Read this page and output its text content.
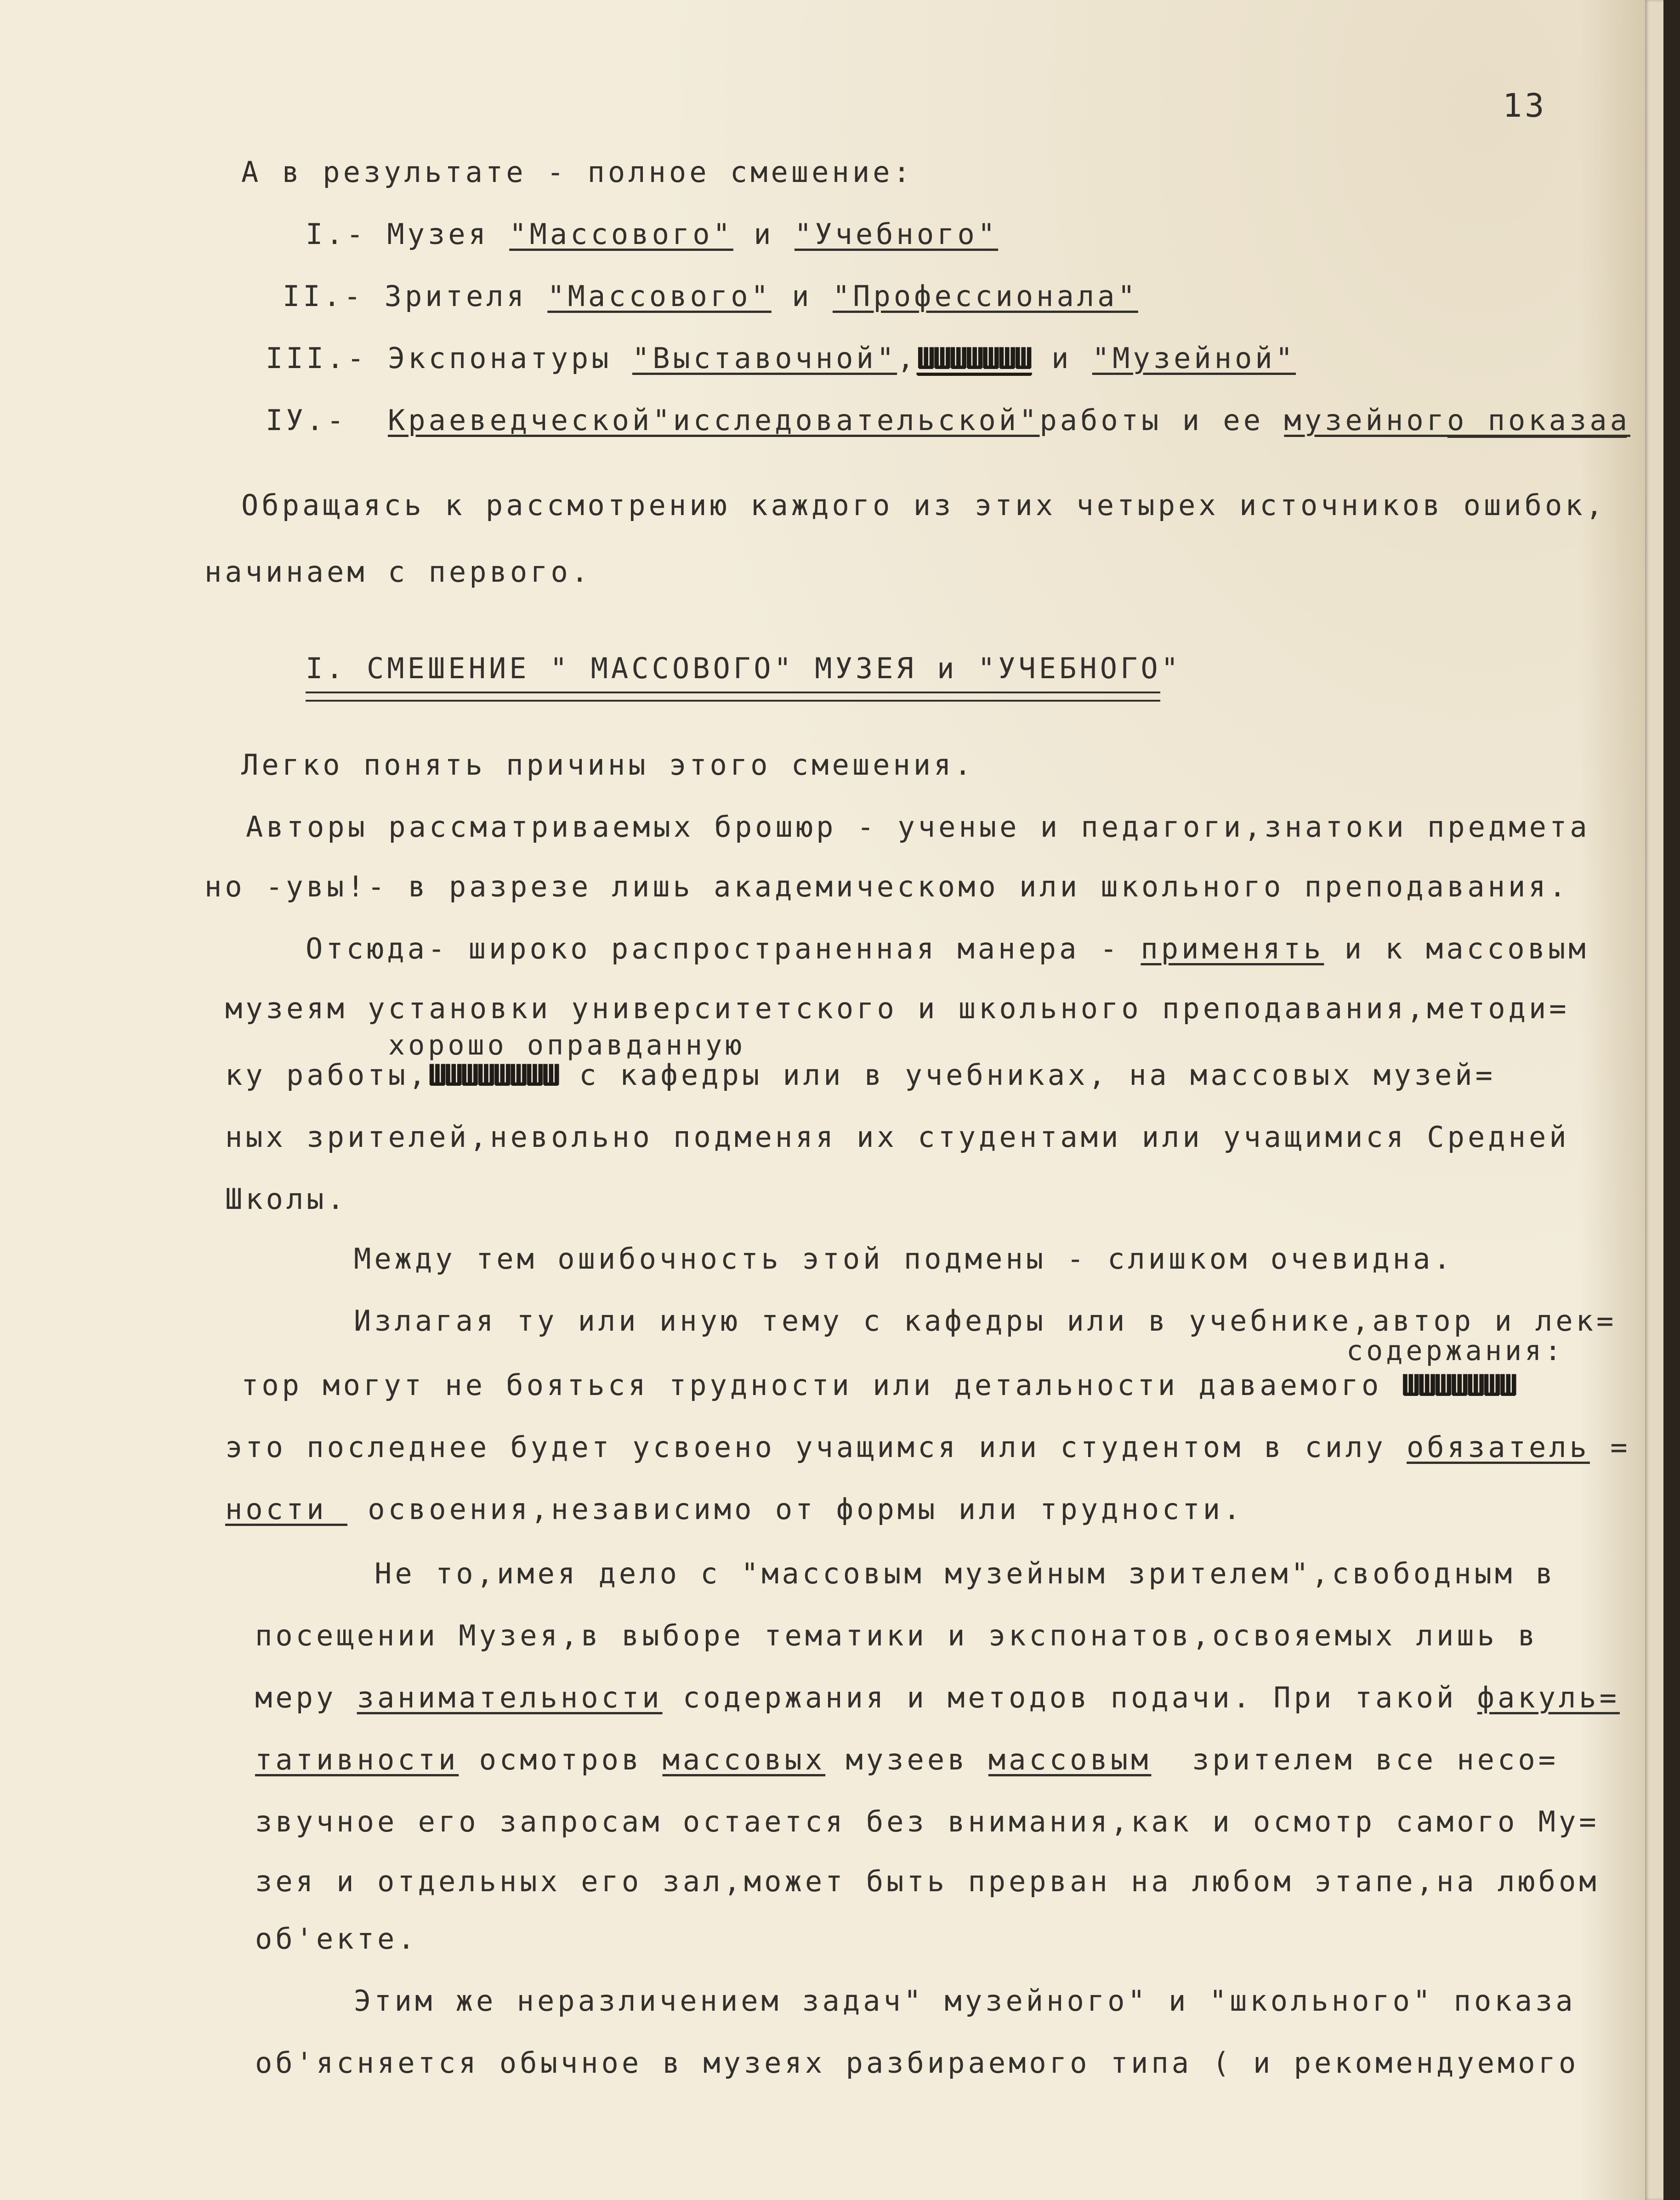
13
А в результате - полное смешение:
I.- Музея "Массового" и "Учебного"
II.- Зрителя "Массового" и "Профессионала"
III.- Экспонатуры "Выставочной",ШШШШШШШ и "Музейной"
IУ.- Краеведческой"исследовательской"работы и ее музейного показаа
Обращаясь к рассмотрению каждого из этих четырех источников ошибок,
начинаем с первого.
I. СМЕШЕНИЕ " МАССОВОГО" МУЗЕЯ и "УЧЕБНОГО"
Легко понять причины этого смешения.
Авторы рассматриваемых брошюр - ученые и педагоги,знатоки предмета
но -увы!- в разрезе лишь академическомо или школьного преподавания.
Отсюда- широко распространенная манера - применять и к массовым
музеям установки университетского и школьного преподавания,методи=
хорошо оправданную
ку работы,ШШШШШШШШ с кафедры или в учебниках, на массовых музей=
ных зрителей,невольно подменяя их студентами или учащимися Средней
Школы.
Между тем ошибочность этой подмены - слишком очевидна.
Излагая ту или иную тему с кафедры или в учебнике,автор и лек=
содержания:
тор могут не бояться трудности или детальности даваемого ШШШШШШШ
это последнее будет усвоено учащимся или студентом в силу обязатель =
ности  освоения,независимо от формы или трудности.
Не то,имея дело с "массовым музейным зрителем",свободным в
посещении Музея,в выборе тематики и экспонатов,освояемых лишь в
меру занимательности содержания и методов подачи. При такой факуль=
тативности осмотров массовых музеев массовым  зрителем все несо=
звучное его запросам остается без внимания,как и осмотр самого Му=
зея и отдельных его зал,может быть прерван на любом этапе,на любом
об'екте.
Этим же неразличением задач" музейного" и "школьного" показа
об'ясняется обычное в музеях разбираемого типа ( и рекомендуемого
